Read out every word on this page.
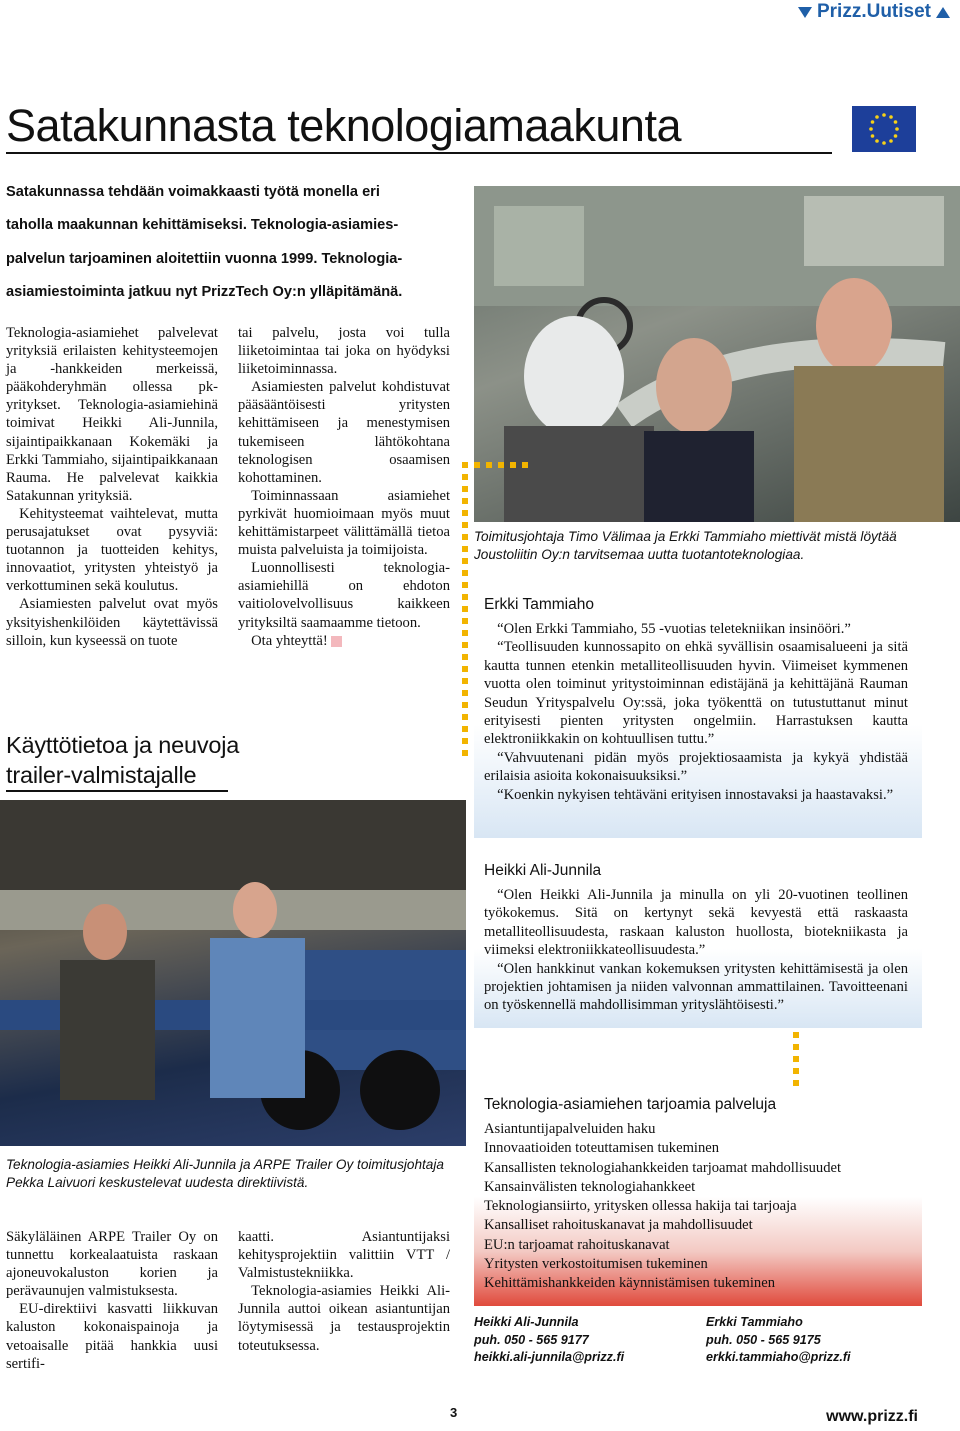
Prizz.Uutiset
Satakunnasta teknologiamaakunta
Satakunnassa tehdään voimakkaasti työtä monella eri
taholla maakunnan kehittämiseksi. Teknologia-asiamies-
palvelun tarjoaminen aloitettiin vuonna 1999. Teknologia-
asiamiestoiminta jatkuu nyt PrizzTech Oy:n ylläpitämänä.

Teknologia-asiamiehet palvelevat yrityksiä erilaisten kehitysteemojen ja -hankkeiden merkeissä, pääkohderyhmän ollessa pk-yritykset. Teknologia-asiamiehinä toimivat Heikki Ali-Junnila, sijaintipaikkanaan Kokemäki ja Erkki Tammiaho, sijaintipaikkanaan Rauma. He palvelevat kaikkia Satakunnan yrityksiä.

Kehitysteemat vaihtelevat, mutta perusajatukset ovat pysyviä: tuotannon ja tuotteiden kehitys, innovaatiot, yritysten yhteistyö ja verkottuminen sekä koulutus.

Asiamiesten palvelut ovat myös yksityishenkilöiden käytettävissä silloin, kun kyseessä on tuote

tai palvelu, josta voi tulla liiketoimintaa tai joka on hyödyksi liiketoiminnassa.

Asiamiesten palvelut kohdistuvat pääsääntöisesti yritysten kehittämiseen ja menestymisen tukemiseen lähtökohtana teknologisen osaamisen kohottaminen.

Toiminnassaan asiamiehet pyrkivät huomioimaan myös muut kehittämistarpeet välittämällä tietoa muista palveluista ja toimijoista.

Luonnollisesti teknologia-asiamiehillä on ehdoton vaitiolovelvollisuus kaikkeen yrityksiltä saamaamme tietoon.

Ota yhteyttä!

Toimitusjohtaja Timo Välimaa ja Erkki Tammiaho miettivät mistä löytää Joustoliitin Oy:n tarvitsemaa uutta tuotantoteknologiaa.
Erkki Tammiaho

“Olen Erkki Tammiaho, 55 -vuotias teletekniikan insinööri.”

“Teollisuuden kunnossapito on ehkä syvällisin osaamisalueeni ja sitä kautta tunnen etenkin metalliteollisuuden hyvin. Viimeiset kymmenen vuotta olen toiminut yritystoiminnan edistäjänä ja kehittäjänä Rauman Seudun Yrityspalvelu Oy:ssä, joka työkenttä on tutustuttanut minut erityisesti pienten yritysten ongelmiin. Harrastuksen kautta elektroniikkakin on kohtuullisen tuttu.”

“Vahvuutenani pidän myös projektiosaamista ja kykyä yhdistää erilaisia asioita kokonaisuuksiksi.”

“Koenkin nykyisen tehtäväni erityisen innostavaksi ja haastavaksi.”

Heikki Ali-Junnila

“Olen Heikki Ali-Junnila ja minulla on yli 20-vuotinen teollinen työkokemus. Sitä on kertynyt sekä kevyestä että raskaasta metalliteollisuudesta, raskaan kaluston huollosta, biotekniikasta ja viimeksi elektroniikkateollisuudesta.”

“Olen hankkinut vankan kokemuksen yritysten kehittämisestä ja olen projektien johtamisen ja niiden valvonnan ammattilainen. Tavoitteenani on työskennellä mahdollisimman yrityslähtöisesti.”

Käyttötietoa ja neuvoja
trailer-valmistajalle
Teknologia-asiamies Heikki Ali-Junnila ja ARPE Trailer Oy toimitusjohtaja Pekka Laivuori keskustelevat uudesta direktiivistä.

Säkyläläinen ARPE Trailer Oy on tunnettu korkealaatuista raskaan ajoneuvokaluston korien ja perävaunujen valmistuksesta.

EU-direktiivi kasvatti liikkuvan kaluston kokonaispainoja ja vetoaisalle pitää hankkia uusi sertifi-

kaatti. Asiantuntijaksi kehitysprojektiin valittiin VTT / Valmistustekniikka.

Teknologia-asiamies Heikki Ali-Junnila auttoi oikean asiantuntijan löytymisessä ja testausprojektin toteutuksessa.

Teknologia-asiamiehen tarjoamia palveluja
Asiantuntijapalveluiden haku
Innovaatioiden toteuttamisen tukeminen
Kansallisten teknologiahankkeiden tarjoamat mahdollisuudet
Kansainvälisten teknologiahankkeet
Teknologiansiirto, yritysken ollessa hakija tai tarjoaja
Kansalliset rahoituskanavat ja mahdollisuudet
EU:n tarjoamat rahoituskanavat
Yritysten verkostoitumisen tukeminen
Kehittämishankkeiden käynnistämisen tukeminen
Heikki Ali-Junnila
puh. 050 - 565 9177
heikki.ali-junnila@prizz.fi
Erkki Tammiaho
puh. 050 - 565 9175
erkki.tammiaho@prizz.fi
3	www.prizz.fi
